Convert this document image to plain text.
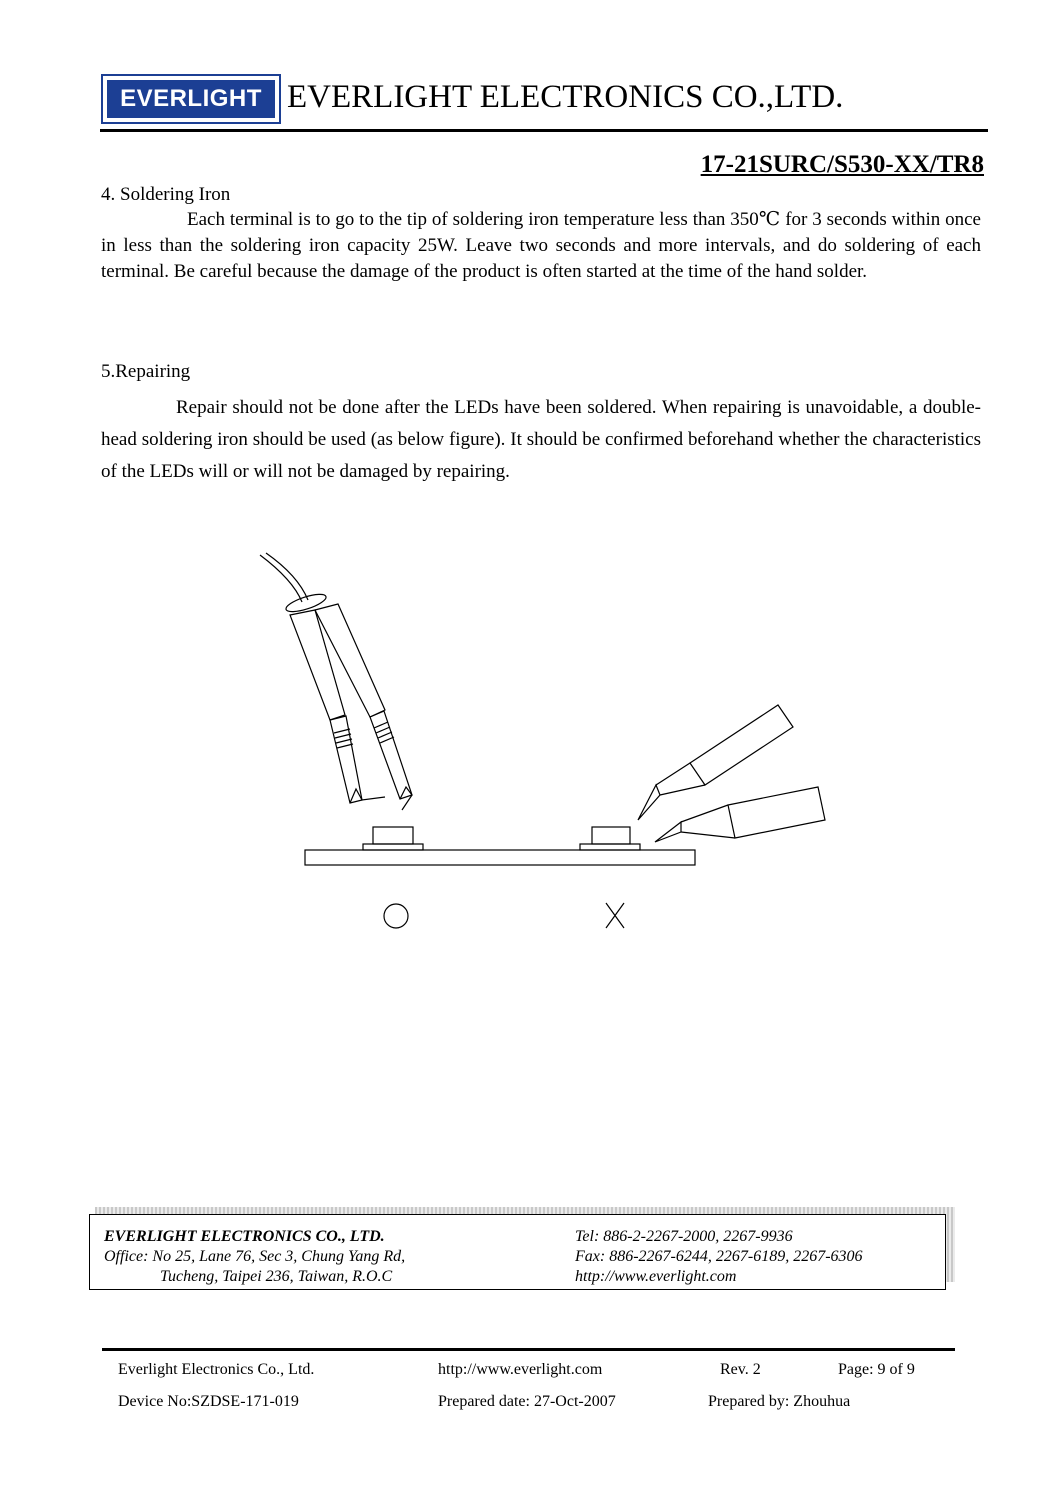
EVERLIGHT EVERLIGHT ELECTRONICS CO.,LTD.
17-21SURC/S530-XX/TR8
4. Soldering Iron
Each terminal is to go to the tip of soldering iron temperature less than 350℃ for 3 seconds within once in less than the soldering iron capacity 25W. Leave two seconds and more intervals, and do soldering of each terminal. Be careful because the damage of the product is often started at the time of the hand solder.
5.Repairing
Repair should not be done after the LEDs have been soldered. When repairing is unavoidable, a double-head soldering iron should be used (as below figure). It should be confirmed beforehand whether the characteristics of the LEDs will or will not be damaged by repairing.
EVERLIGHT ELECTRONICS CO., LTD.
Office: No 25, Lane 76, Sec 3, Chung Yang Rd,
Tucheng, Taipei 236, Taiwan, R.O.C
Tel: 886-2-2267-2000, 2267-9936
Fax: 886-2267-6244, 2267-6189, 2267-6306
http://www.everlight.com
Everlight Electronics Co., Ltd.	http://www.everlight.com	Rev. 2	Page: 9 of 9
Device No:SZDSE-171-019	Prepared date: 27-Oct-2007	Prepared by: Zhouhua
